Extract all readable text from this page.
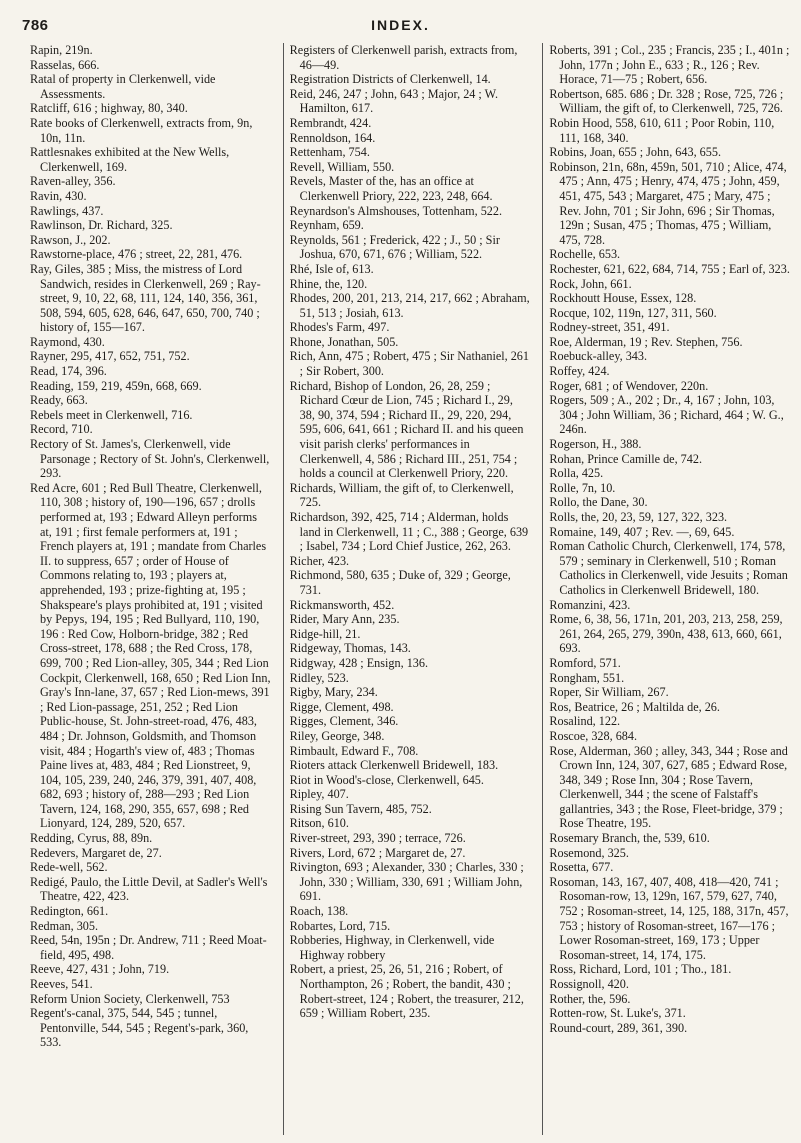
786	INDEX.

Rapin, 219n.

Rasselas, 666.

Ratal of property in Clerkenwell, vide Assessments.

Ratcliff, 616 ; highway, 80, 340.

Rate books of Clerkenwell, extracts from, 9n, 10n, 11n.

Rattlesnakes exhibited at the New Wells, Clerkenwell, 169.

Raven-alley, 356.

Ravin, 430.

Rawlings, 437.

Rawlinson, Dr. Richard, 325.

Rawson, J., 202.

Rawstorne-place, 476 ; street, 22, 281, 476.

Ray, Giles, 385 ; Miss, the mistress of Lord Sandwich, resides in Clerkenwell, 269 ; Ray-street, 9, 10, 22, 68, 111, 124, 140, 356, 361, 508, 594, 605, 628, 646, 647, 650, 700, 740 ; history of, 155—167.

Raymond, 430.

Rayner, 295, 417, 652, 751, 752.

Read, 174, 396.

Reading, 159, 219, 459n, 668, 669.

Ready, 663.

Rebels meet in Clerkenwell, 716.

Record, 710.

Rectory of St. James's, Clerkenwell, vide Parsonage ; Rectory of St. John's, Clerkenwell, 293.

Red Acre, 601 ; Red Bull Theatre, Clerkenwell, 110, 308 ; history of, 190—196, 657 ; drolls performed at, 193 ; Edward Alleyn performs at, 191 ; first female performers at, 191 ; French players at, 191 ; mandate from Charles II. to suppress, 657 ; order of House of Commons relating to, 193 ; players at, apprehended, 193 ; prize-fighting at, 195 ; Shakspeare's plays prohibited at, 191 ; visited by Pepys, 194, 195 ; Red Bullyard, 110, 190, 196 : Red Cow, Holborn-bridge, 382 ; Red Cross-street, 178, 688 ; the Red Cross, 178, 699, 700 ; Red Lion-alley, 305, 344 ; Red Lion Cockpit, Clerkenwell, 168, 650 ; Red Lion Inn, Gray's Inn-lane, 37, 657 ; Red Lion-mews, 391 ; Red Lion-passage, 251, 252 ; Red Lion Public-house, St. John-street-road, 476, 483, 484 ; Dr. Johnson, Goldsmith, and Thomson visit, 484 ; Hogarth's view of, 483 ; Thomas Paine lives at, 483, 484 ; Red Lionstreet, 9, 104, 105, 239, 240, 246, 379, 391, 407, 408, 682, 693 ; history of, 288—293 ; Red Lion Tavern, 124, 168, 290, 355, 657, 698 ; Red Lionyard, 124, 289, 520, 657.

Redding, Cyrus, 88, 89n.

Redevers, Margaret de, 27.

Rede-well, 562.

Redigé, Paulo, the Little Devil, at Sadler's Well's Theatre, 422, 423.

Redington, 661.

Redman, 305.

Reed, 54n, 195n ; Dr. Andrew, 711 ; Reed Moat-field, 495, 498.

Reeve, 427, 431 ; John, 719.

Reeves, 541.

Reform Union Society, Clerkenwell, 753

Regent's-canal, 375, 544, 545 ; tunnel, Pentonville, 544, 545 ; Regent's-park, 360, 533.

Registers of Clerkenwell parish, extracts from, 46—49.

Registration Districts of Clerkenwell, 14.

Reid, 246, 247 ; John, 643 ; Major, 24 ; W. Hamilton, 617.

Rembrandt, 424.

Rennoldson, 164.

Rettenham, 754.

Revell, William, 550.

Revels, Master of the, has an office at Clerkenwell Priory, 222, 223, 248, 664.

Reynardson's Almshouses, Tottenham, 522.

Reynham, 659.

Reynolds, 561 ; Frederick, 422 ; J., 50 ; Sir Joshua, 670, 671, 676 ; William, 522.

Rhé, Isle of, 613.

Rhine, the, 120.

Rhodes, 200, 201, 213, 214, 217, 662 ; Abraham, 51, 513 ; Josiah, 613.

Rhodes's Farm, 497.

Rhone, Jonathan, 505.

Rich, Ann, 475 ; Robert, 475 ; Sir Nathaniel, 261 ; Sir Robert, 300.

Richard, Bishop of London, 26, 28, 259 ; Richard Cœur de Lion, 745 ; Richard I., 29, 38, 90, 374, 594 ; Richard II., 29, 220, 294, 595, 606, 641, 661 ; Richard II. and his queen visit parish clerks' performances in Clerkenwell, 4, 586 ; Richard III., 251, 754 ; holds a council at Clerkenwell Priory, 220.

Richards, William, the gift of, to Clerkenwell, 725.

Richardson, 392, 425, 714 ; Alderman, holds land in Clerkenwell, 11 ; C., 388 ; George, 639 ; Isabel, 734 ; Lord Chief Justice, 262, 263.

Richer, 423.

Richmond, 580, 635 ; Duke of, 329 ; George, 731.

Rickmansworth, 452.

Rider, Mary Ann, 235.

Ridge-hill, 21.

Ridgeway, Thomas, 143.

Ridgway, 428 ; Ensign, 136.

Ridley, 523.

Rigby, Mary, 234.

Rigge, Clement, 498.

Rigges, Clement, 346.

Riley, George, 348.

Rimbault, Edward F., 708.

Rioters attack Clerkenwell Bridewell, 183.

Riot in Wood's-close, Clerkenwell, 645.

Ripley, 407.

Rising Sun Tavern, 485, 752.

Ritson, 610.

River-street, 293, 390 ; terrace, 726.

Rivers, Lord, 672 ; Margaret de, 27.

Rivington, 693 ; Alexander, 330 ; Charles, 330 ; John, 330 ; William, 330, 691 ; William John, 691.

Roach, 138.

Robartes, Lord, 715.

Robberies, Highway, in Clerkenwell, vide Highway robbery

Robert, a priest, 25, 26, 51, 216 ; Robert, of Northampton, 26 ; Robert, the bandit, 430 ; Robert-street, 124 ; Robert, the treasurer, 212, 659 ; William Robert, 235.

Roberts, 391 ; Col., 235 ; Francis, 235 ; I., 401n ; John, 177n ; John E., 633 ; R., 126 ; Rev. Horace, 71—75 ; Robert, 656.

Robertson, 685. 686 ; Dr. 328 ; Rose, 725, 726 ; William, the gift of, to Clerkenwell, 725, 726.

Robin Hood, 558, 610, 611 ; Poor Robin, 110, 111, 168, 340.

Robins, Joan, 655 ; John, 643, 655.

Robinson, 21n, 68n, 459n, 501, 710 ; Alice, 474, 475 ; Ann, 475 ; Henry, 474, 475 ; John, 459, 451, 475, 543 ; Margaret, 475 ; Mary, 475 ; Rev. John, 701 ; Sir John, 696 ; Sir Thomas, 129n ; Susan, 475 ; Thomas, 475 ; William, 475, 728.

Rochelle, 653.

Rochester, 621, 622, 684, 714, 755 ; Earl of, 323.

Rock, John, 661.

Rockhoutt House, Essex, 128.

Rocque, 102, 119n, 127, 311, 560.

Rodney-street, 351, 491.

Roe, Alderman, 19 ; Rev. Stephen, 756.

Roebuck-alley, 343.

Roffey, 424.

Roger, 681 ; of Wendover, 220n.

Rogers, 509 ; A., 202 ; Dr., 4, 167 ; John, 103, 304 ; John William, 36 ; Richard, 464 ; W. G., 246n.

Rogerson, H., 388.

Rohan, Prince Camille de, 742.

Rolla, 425.

Rolle, 7n, 10.

Rollo, the Dane, 30.

Rolls, the, 20, 23, 59, 127, 322, 323.

Romaine, 149, 407 ; Rev. —, 69, 645.

Roman Catholic Church, Clerkenwell, 174, 578, 579 ; seminary in Clerkenwell, 510 ; Roman Catholics in Clerkenwell, vide Jesuits ; Roman Catholics in Clerkenwell Bridewell, 180.

Romanzini, 423.

Rome, 6, 38, 56, 171n, 201, 203, 213, 258, 259, 261, 264, 265, 279, 390n, 438, 613, 660, 661, 693.

Romford, 571.

Rongham, 551.

Roper, Sir William, 267.

Ros, Beatrice, 26 ; Maltilda de, 26.

Rosalind, 122.

Roscoe, 328, 684.

Rose, Alderman, 360 ; alley, 343, 344 ; Rose and Crown Inn, 124, 307, 627, 685 ; Edward Rose, 348, 349 ; Rose Inn, 304 ; Rose Tavern, Clerkenwell, 344 ; the scene of Falstaff's gallantries, 343 ; the Rose, Fleet-bridge, 379 ; Rose Theatre, 195.

Rosemary Branch, the, 539, 610.

Rosemond, 325.

Rosetta, 677.

Rosoman, 143, 167, 407, 408, 418—420, 741 ; Rosoman-row, 13, 129n, 167, 579, 627, 740, 752 ; Rosoman-street, 14, 125, 188, 317n, 457, 753 ; history of Rosoman-street, 167—176 ; Lower Rosoman-street, 169, 173 ; Upper Rosoman-street, 14, 174, 175.

Ross, Richard, Lord, 101 ; Tho., 181.

Rossignoll, 420.

Rother, the, 596.

Rotten-row, St. Luke's, 371.

Round-court, 289, 361, 390.
